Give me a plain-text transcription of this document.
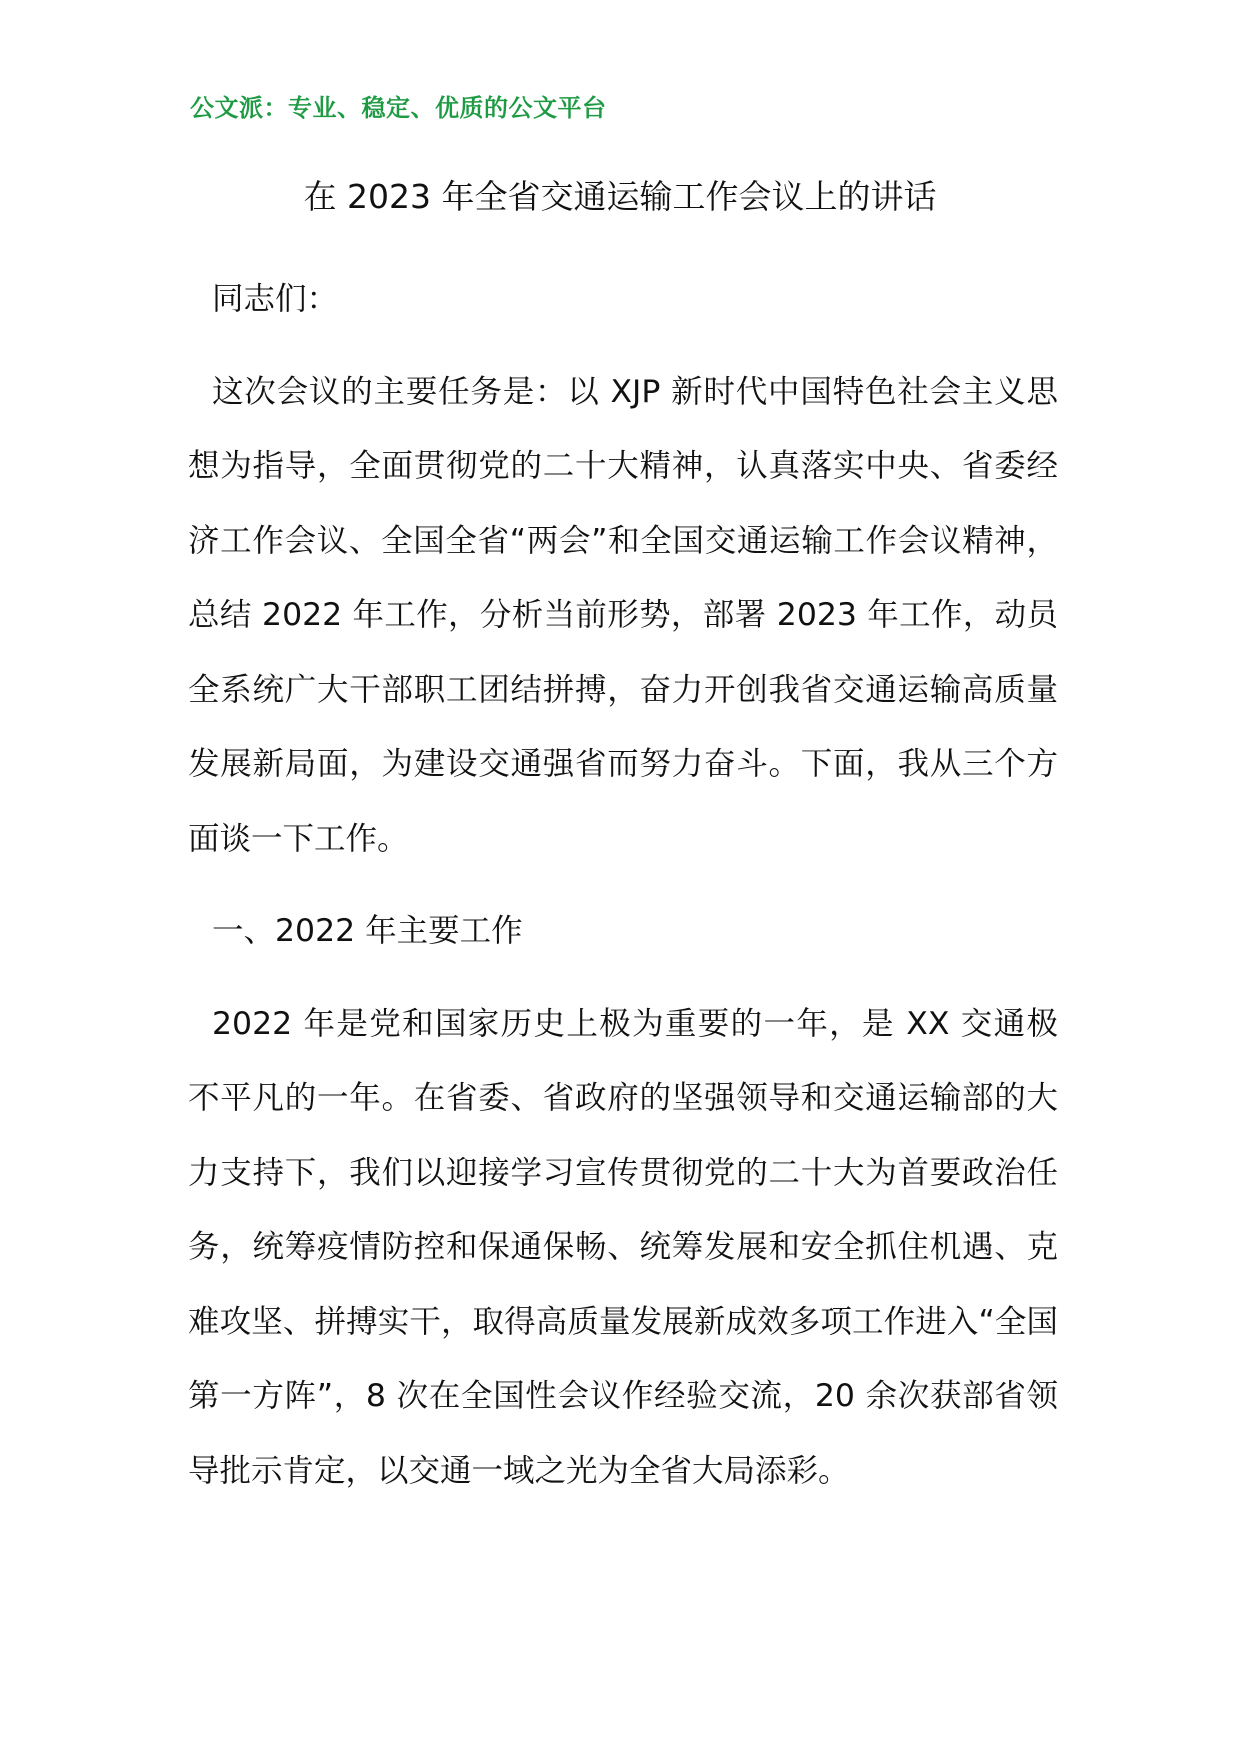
公文派：专业、稳定、优质的公文平台
在 2023 年全省交通运输工作会议上的讲话

同志们：

这次会议的主要任务是：以 XJP 新时代中国特色社会主义思想为指导，全面贯彻党的二十大精神，认真落实中央、省委经济工作会议、全国全省“两会”和全国交通运输工作会议精神，总结 2022 年工作，分析当前形势，部署 2023 年工作，动员全系统广大干部职工团结拼搏，奋力开创我省交通运输高质量发展新局面，为建设交通强省而努力奋斗。下面，我从三个方面谈一下工作。

一、2022 年主要工作

2022 年是党和国家历史上极为重要的一年，是 XX 交通极不平凡的一年。在省委、省政府的坚强领导和交通运输部的大力支持下，我们以迎接学习宣传贯彻党的二十大为首要政治任务，统筹疫情防控和保通保畅、统筹发展和安全抓住机遇、克难攻坚、拼搏实干，取得高质量发展新成效多项工作进入“全国第一方阵”，8 次在全国性会议作经验交流，20 余次获部省领导批示肯定，以交通一域之光为全省大局添彩。
